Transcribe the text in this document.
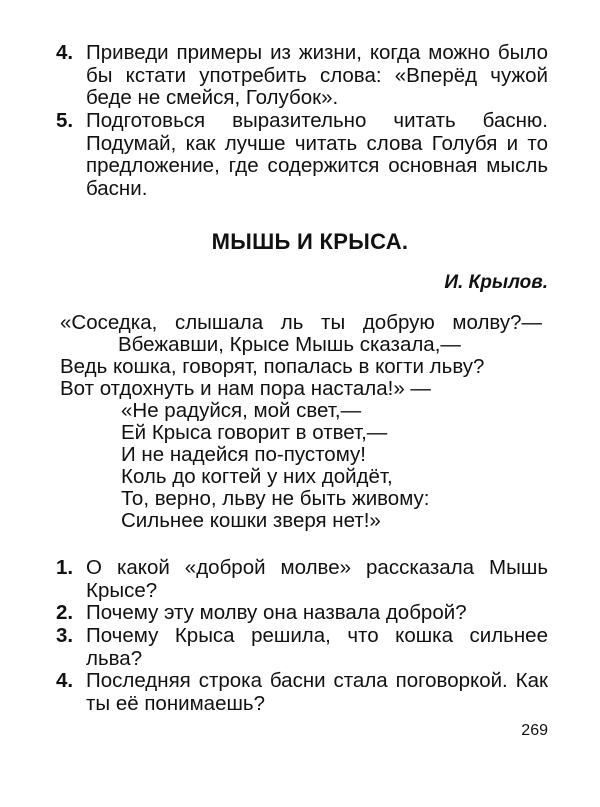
4. Приведи примеры из жизни, когда можно было бы кстати употребить слова: «Вперёд чужой беде не смейся, Голубок».
5. Подготовься выразительно читать басню. Подумай, как лучше читать слова Голубя и то предложение, где содержится основная мысль басни.
МЫШЬ И КРЫСА.
И. Крылов.
«Соседка, слышала ль ты добрую молву?—
Вбежавши, Крысе Мышь сказала,—
Ведь кошка, говорят, попалась в когти льву?
Вот отдохнуть и нам пора настала!» —
«Не радуйся, мой свет,—
Ей Крыса говорит в ответ,—
И не надейся по-пустому!
Коль до когтей у них дойдёт,
То, верно, льву не быть живому:
Сильнее кошки зверя нет!»
1. О какой «доброй молве» рассказала Мышь Крысе?
2. Почему эту молву она назвала доброй?
3. Почему Крыса решила, что кошка сильнее льва?
4. Последняя строка басни стала поговоркой. Как ты её понимаешь?
269
